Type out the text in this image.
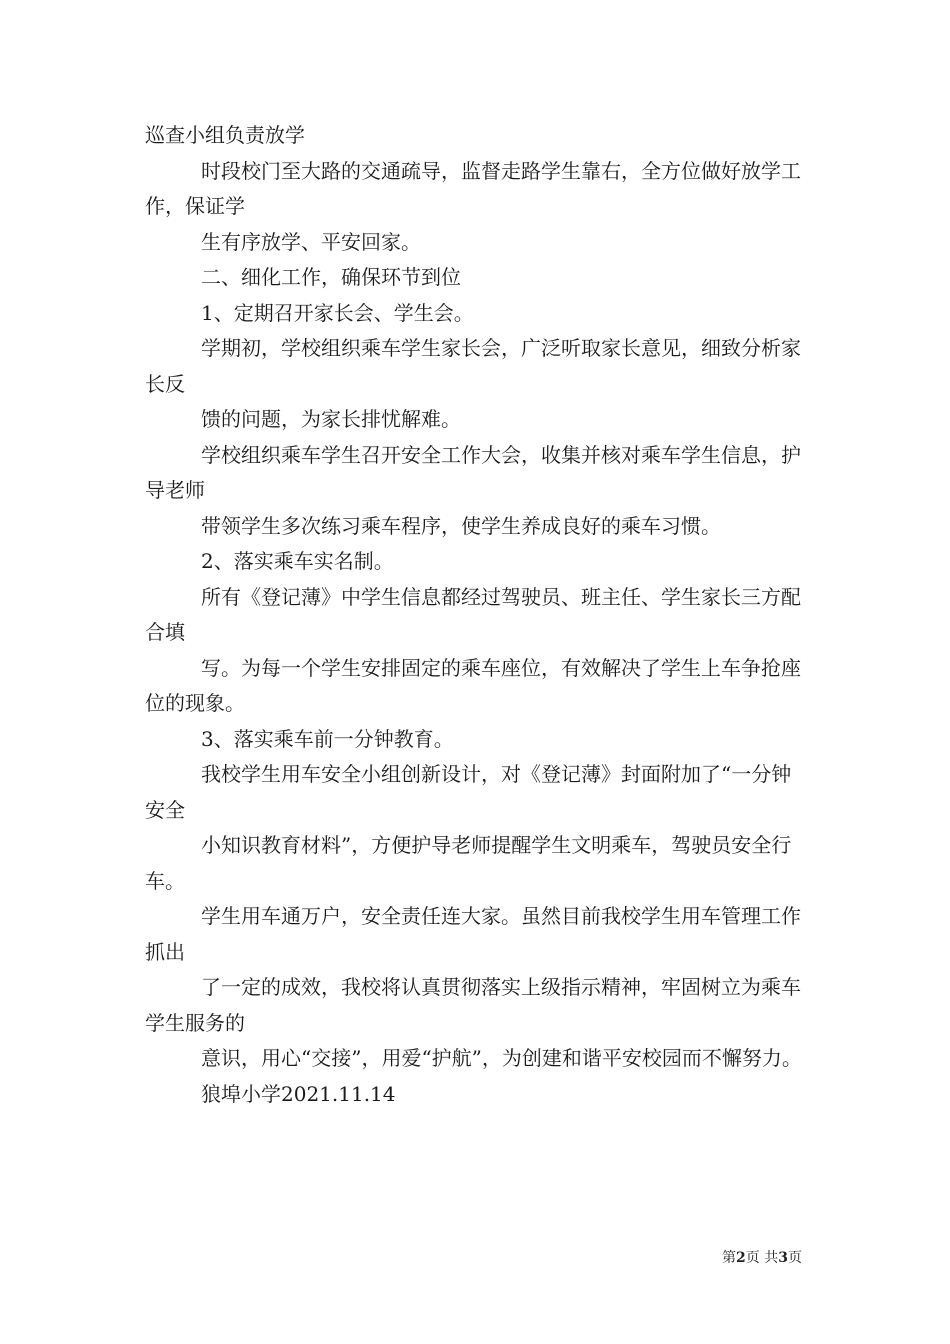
巡查小组负责放学

时段校门至大路的交通疏导，监督走路学生靠右，全方位做好放学工作，保证学

生有序放学、平安回家。

二、细化工作，确保环节到位

1、定期召开家长会、学生会。

学期初，学校组织乘车学生家长会，广泛听取家长意见，细致分析家长反

馈的问题，为家长排忧解难。

学校组织乘车学生召开安全工作大会，收集并核对乘车学生信息，护导老师

带领学生多次练习乘车程序，使学生养成良好的乘车习惯。

2、落实乘车实名制。

所有《登记薄》中学生信息都经过驾驶员、班主任、学生家长三方配合填

写。为每一个学生安排固定的乘车座位，有效解决了学生上车争抢座位的现象。

3、落实乘车前一分钟教育。

我校学生用车安全小组创新设计，对《登记薄》封面附加了“一分钟安全

小知识教育材料”，方便护导老师提醒学生文明乘车，驾驶员安全行车。

学生用车通万户，安全责任连大家。虽然目前我校学生用车管理工作抓出

了一定的成效，我校将认真贯彻落实上级指示精神，牢固树立为乘车学生服务的

意识，用心“交接”，用爱“护航”，为创建和谐平安校园而不懈努力。

狼埠小学2021.11.14

第2页 共3页
